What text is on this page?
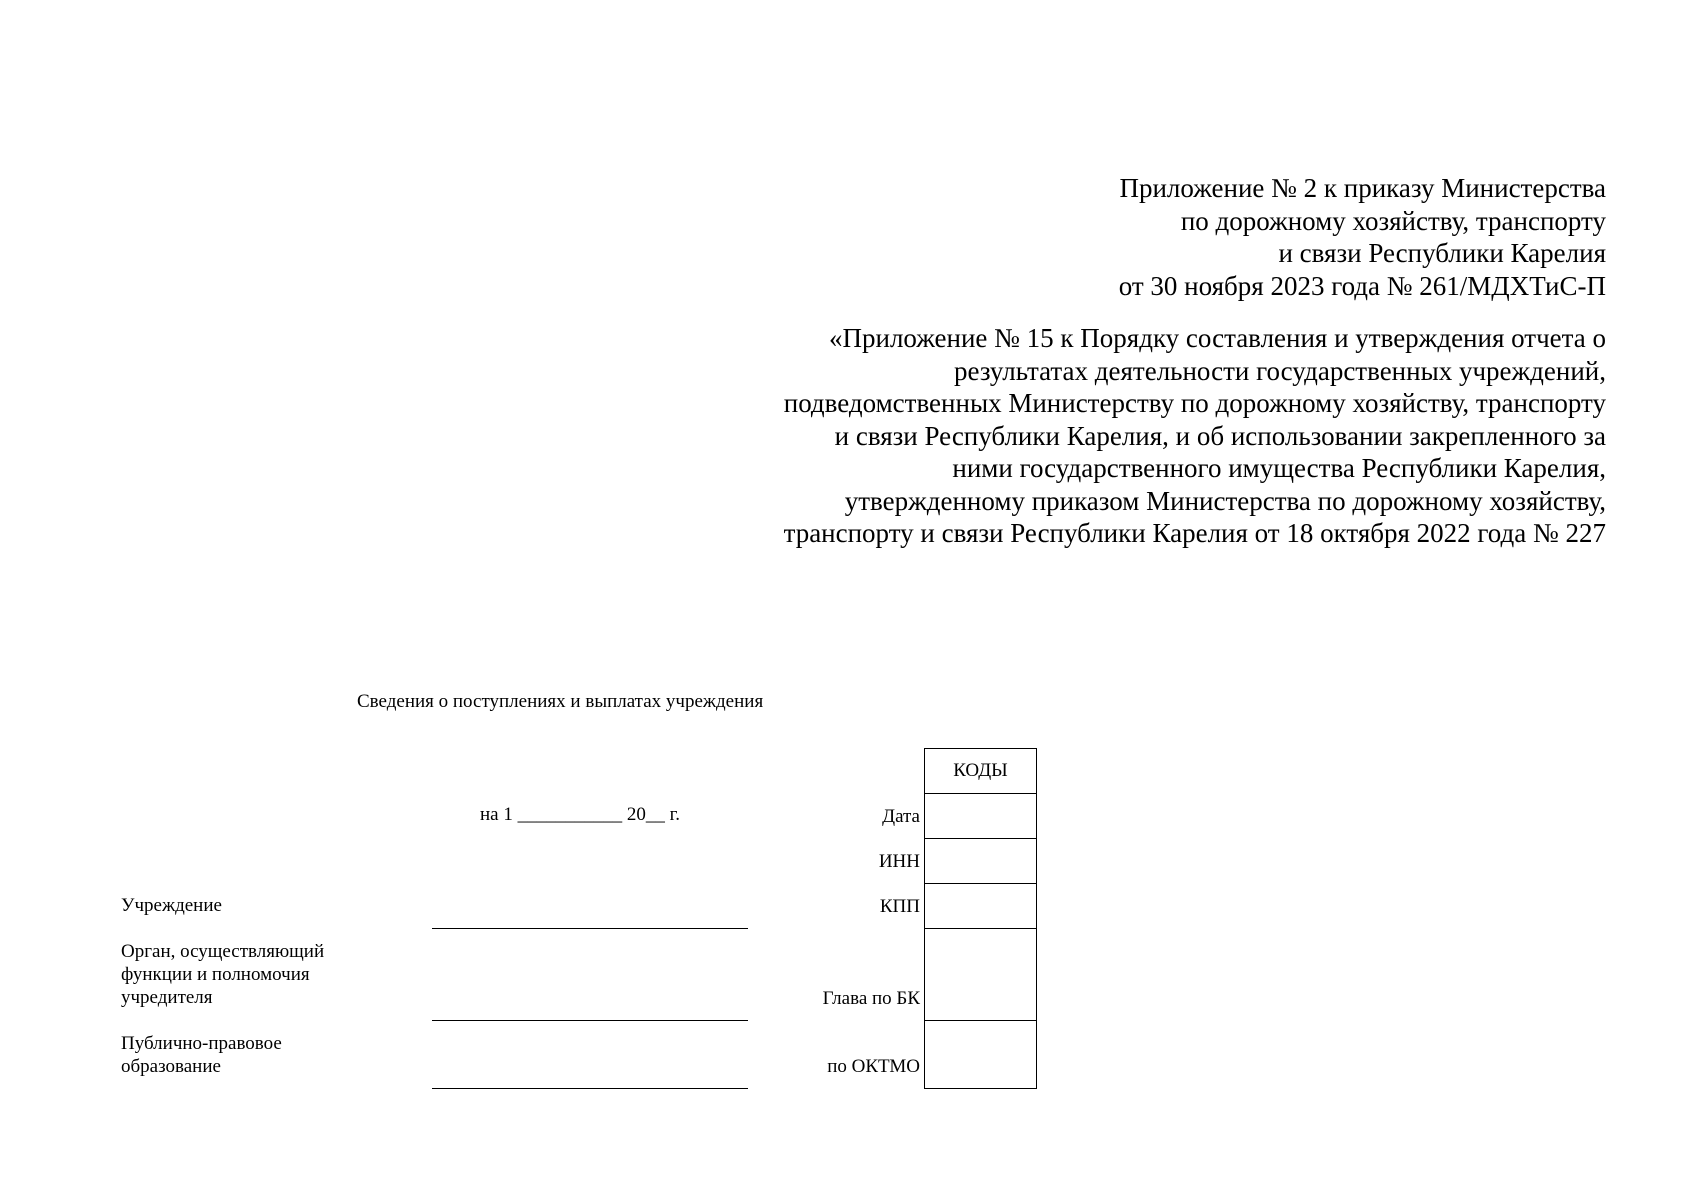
Приложение № 2 к приказу Министерства
по дорожному хозяйству, транспорту
и связи Республики Карелия
от 30 ноября 2023 года № 261/МДХТиС-П
«Приложение № 15 к Порядку составления и утверждения отчета о
результатах деятельности государственных учреждений,
подведомственных Министерству по дорожному хозяйству, транспорту
и связи Республики Карелия, и об использовании закрепленного за
ними государственного имущества Республики Карелия,
утвержденному приказом Министерства по дорожному хозяйству,
транспорту и связи Республики Карелия от 18 октября 2022 года № 227
Сведения о поступлениях и выплатах учреждения
на 1 ___________ 20__ г.
Учреждение
Орган, осуществляющий
функции и полномочия
учредителя
Публично-правовое
образование
Дата
ИНН
КПП
Глава по БК
по ОКТМО
КОДЫ
